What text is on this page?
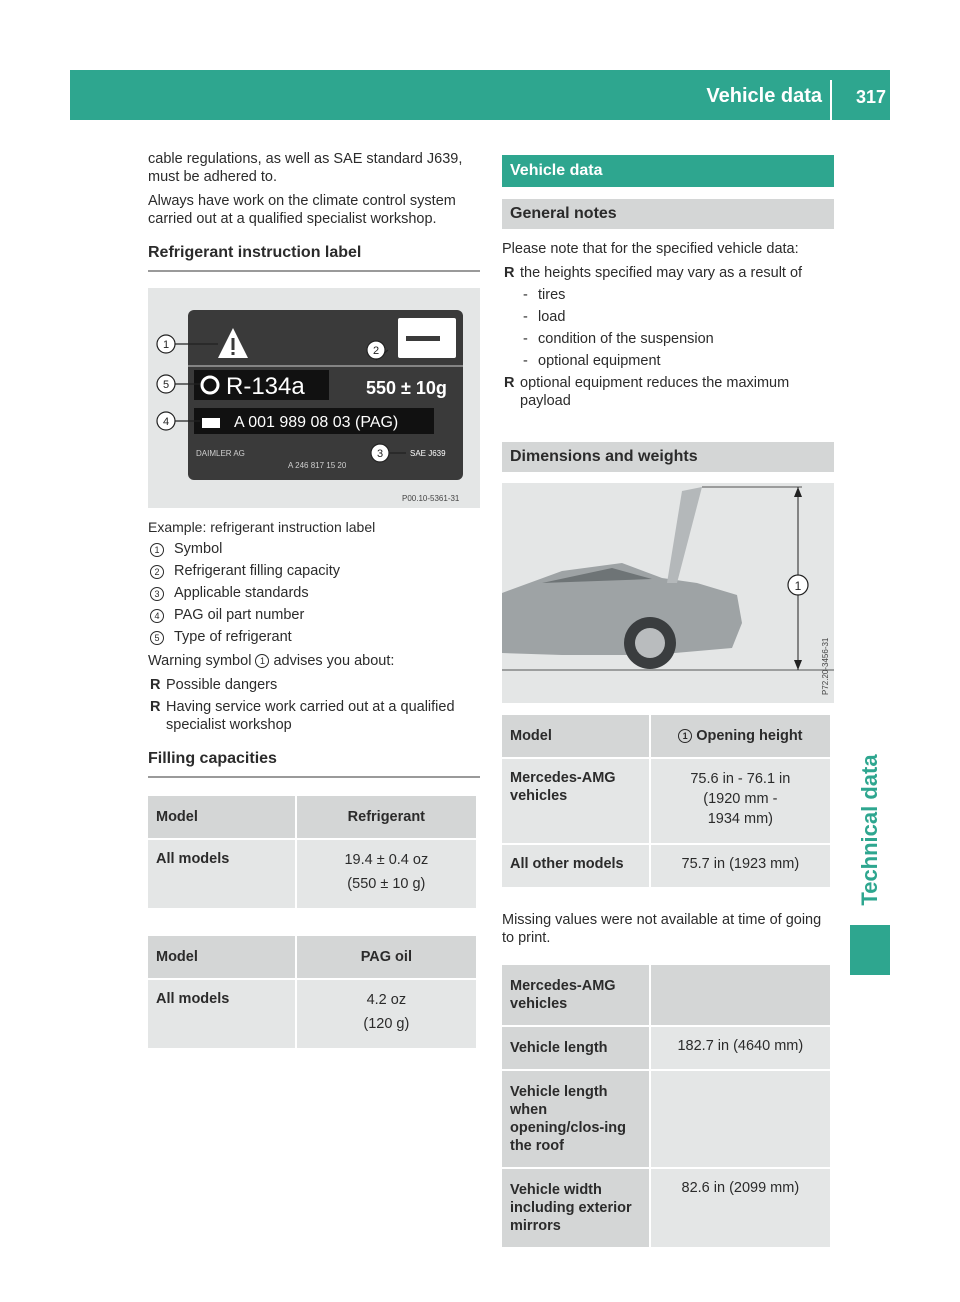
Vehicle data 317
Technical data

cable regulations, as well as SAE standard J639, must be adhered to.

Always have work on the climate control system carried out at a qualified specialist workshop.

Refrigerant instruction label
R-134a	550 ± 10g
A 001 989 08 03 (PAG)
DAIMLER AG
A 246 817 15 20
SAE J639
P00.10-5361-31
1
5
4
2
3

Example: refrigerant instruction label

1	Symbol
2	Refrigerant filling capacity
3	Applicable standards
4	PAG oil part number
5	Type of refrigerant

Warning symbol 1 advises you about:

R Possible dangers
R Having service work carried out at a qualified specialist workshop
Filling capacities
Model	Refrigerant
All models	19.4 ± 0.4 oz
(550 ± 10 g)
Model	PAG oil
All models	4.2 oz
(120 g)
Vehicle data
General notes

Please note that for the specified vehicle data:

R the heights specified may vary as a result of
- tires
- load
- condition of the suspension
- optional equipment
R optional equipment reduces the maximum payload
Dimensions and weights
1
P72.20-3456-31
Model	1 Opening height
Mercedes-AMG vehicles	75.6 in - 76.1 in
(1920 mm -
1934 mm)

All other models	75.7 in (1923 mm)

Missing values were not available at time of going to print.

Mercedes-AMG vehicles	
Vehicle length	182.7 in (4640 mm)
Vehicle length when opening/clos-ing the roof	
Vehicle width including exterior mirrors	82.6 in (2099 mm)
